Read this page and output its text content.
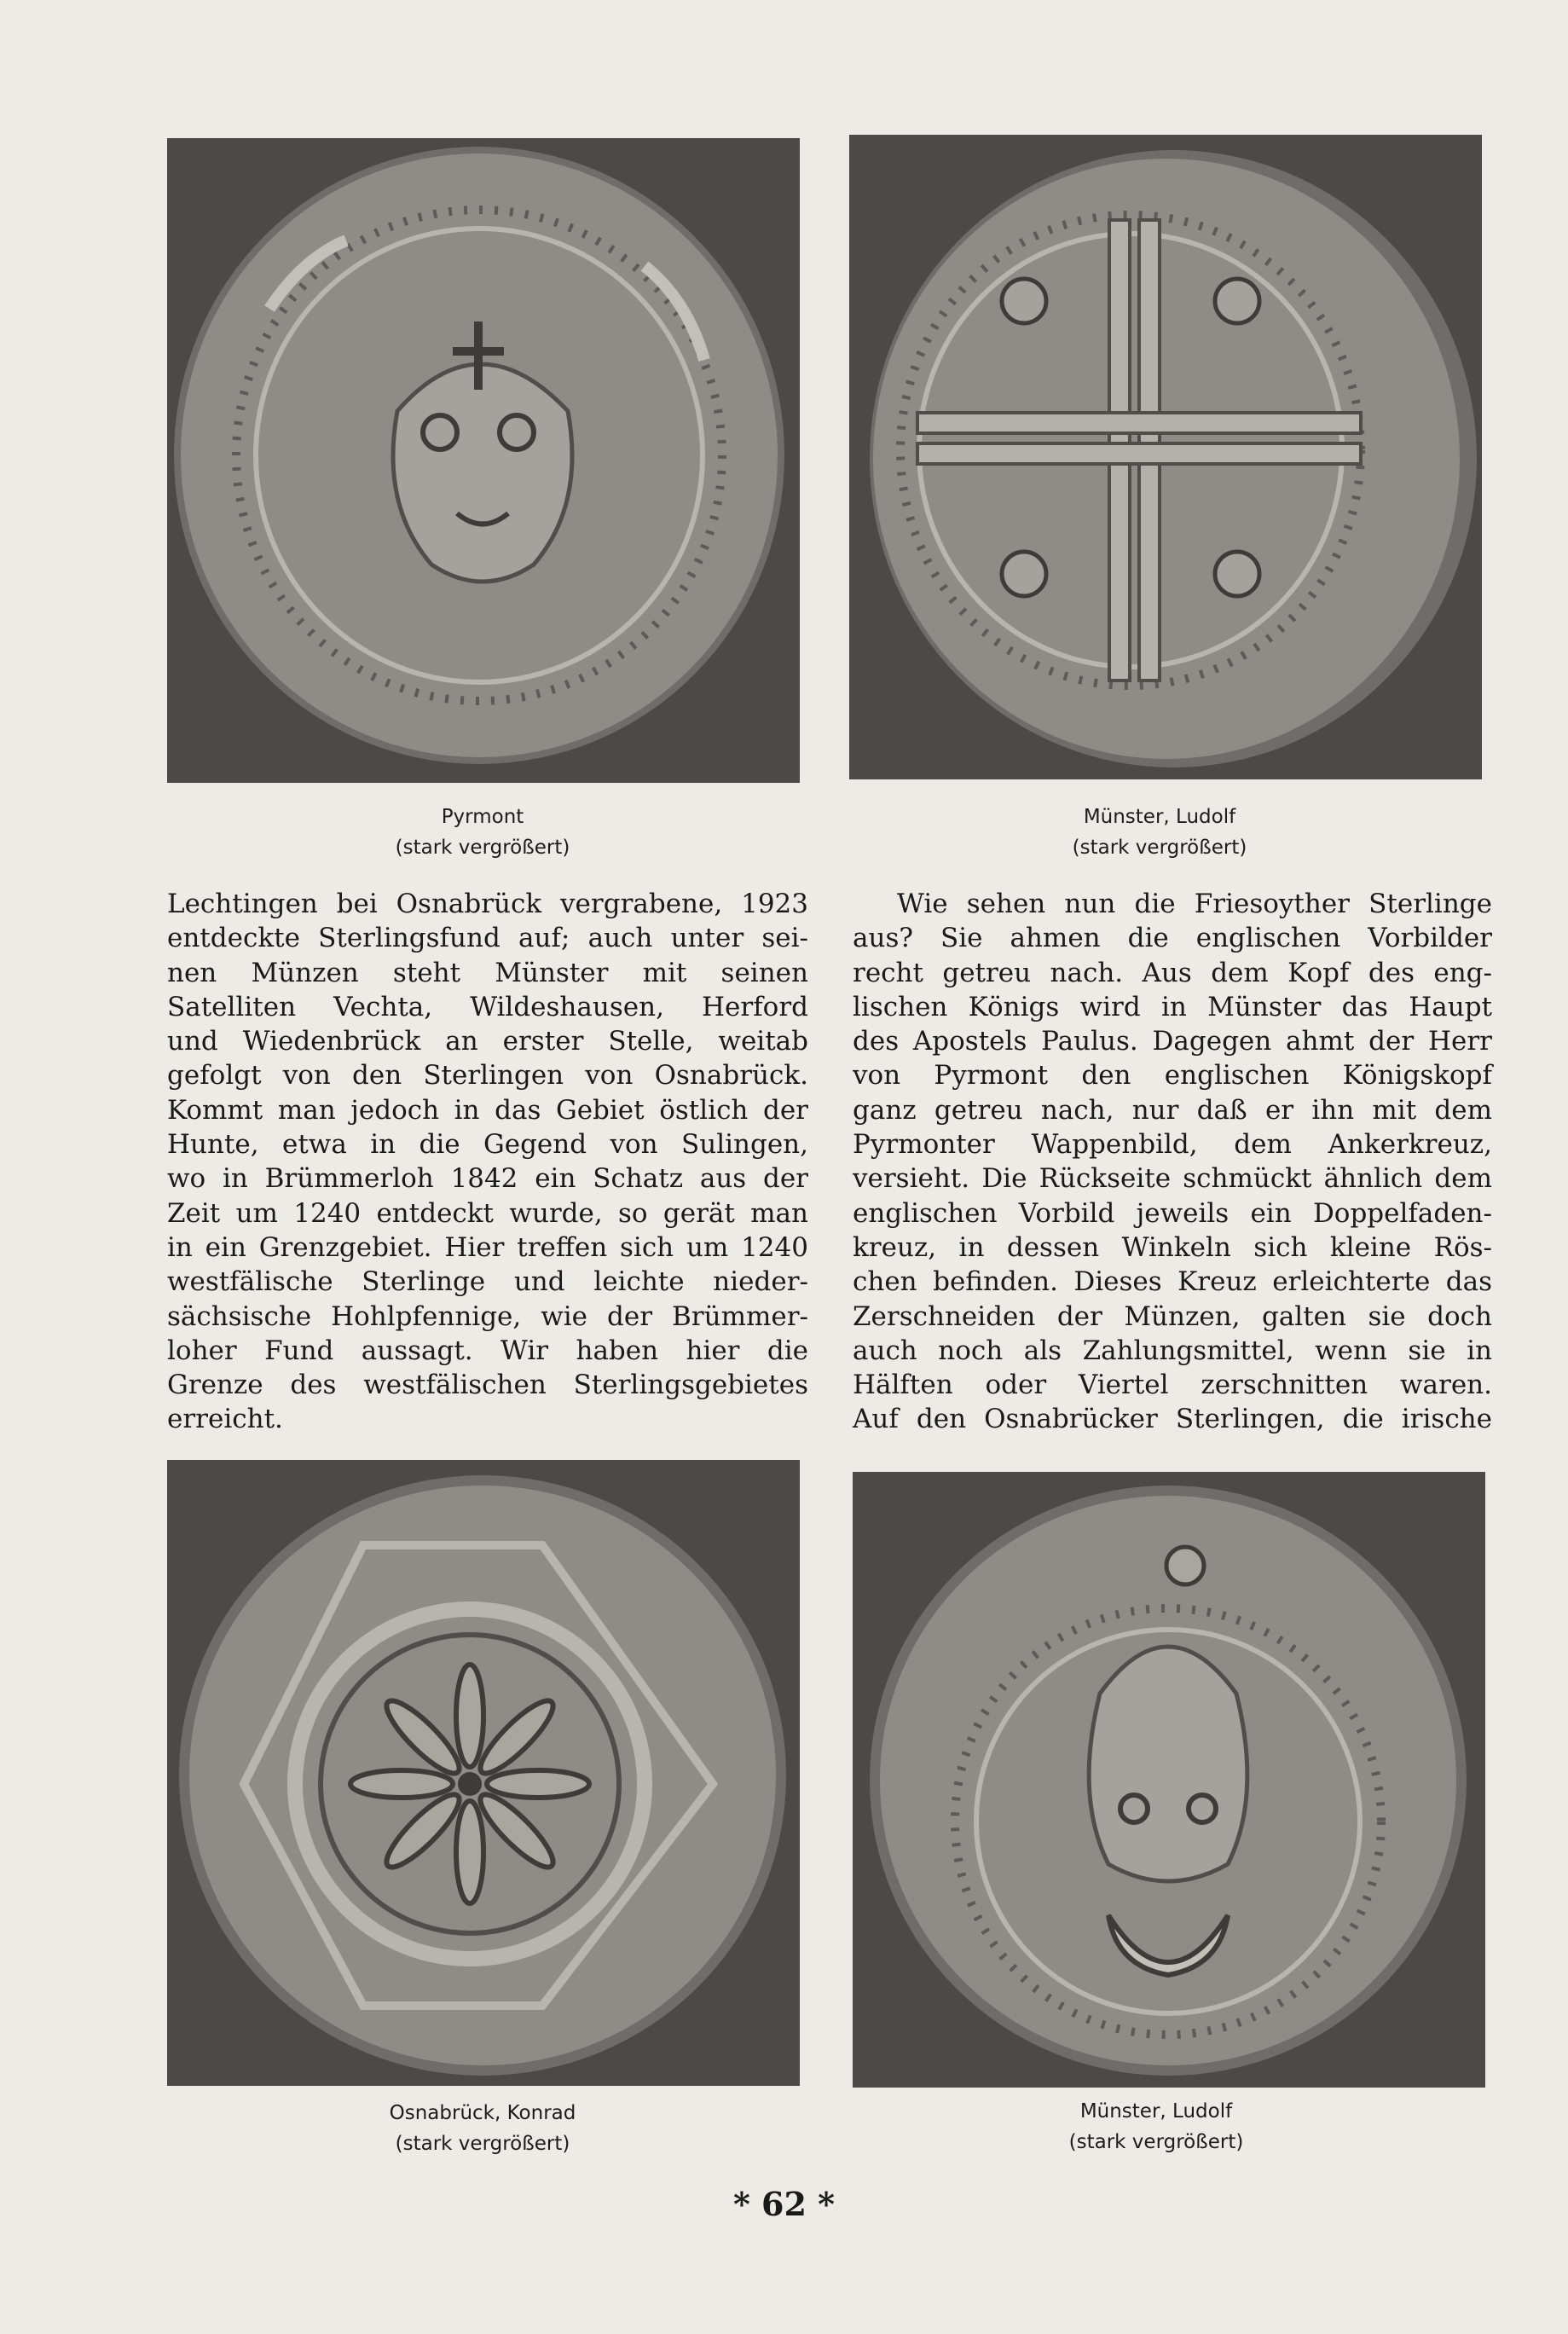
Pyrmont
(stark vergrößert)
Münster, Ludolf
(stark vergrößert)

Lechtingen bei Osnabrück vergrabene, 1923
entdeckte Sterlingsfund auf; auch unter sei-
nen Münzen steht Münster mit seinen
Satelliten Vechta, Wildeshausen, Herford
und Wiedenbrück an erster Stelle, weitab
gefolgt von den Sterlingen von Osnabrück.
Kommt man jedoch in das Gebiet östlich der
Hunte, etwa in die Gegend von Sulingen,
wo in Brümmerloh 1842 ein Schatz aus der
Zeit um 1240 entdeckt wurde, so gerät man
in ein Grenzgebiet. Hier treffen sich um 1240
westfälische Sterlinge und leichte nieder-
sächsische Hohlpfennige, wie der Brümmer-
loher Fund aussagt. Wir haben hier die
Grenze des westfälischen Sterlingsgebietes
erreicht.

Wie sehen nun die Friesoyther Sterlinge
aus? Sie ahmen die englischen Vorbilder
recht getreu nach. Aus dem Kopf des eng-
lischen Königs wird in Münster das Haupt
des Apostels Paulus. Dagegen ahmt der Herr
von Pyrmont den englischen Königskopf
ganz getreu nach, nur daß er ihn mit dem
Pyrmonter Wappenbild, dem Ankerkreuz,
versieht. Die Rückseite schmückt ähnlich dem
englischen Vorbild jeweils ein Doppelfaden-
kreuz, in dessen Winkeln sich kleine Rös-
chen befinden. Dieses Kreuz erleichterte das
Zerschneiden der Münzen, galten sie doch
auch noch als Zahlungsmittel, wenn sie in
Hälften oder Viertel zerschnitten waren.
Auf den Osnabrücker Sterlingen, die irische

Osnabrück, Konrad
(stark vergrößert)
Münster, Ludolf
(stark vergrößert)
* 62 *
